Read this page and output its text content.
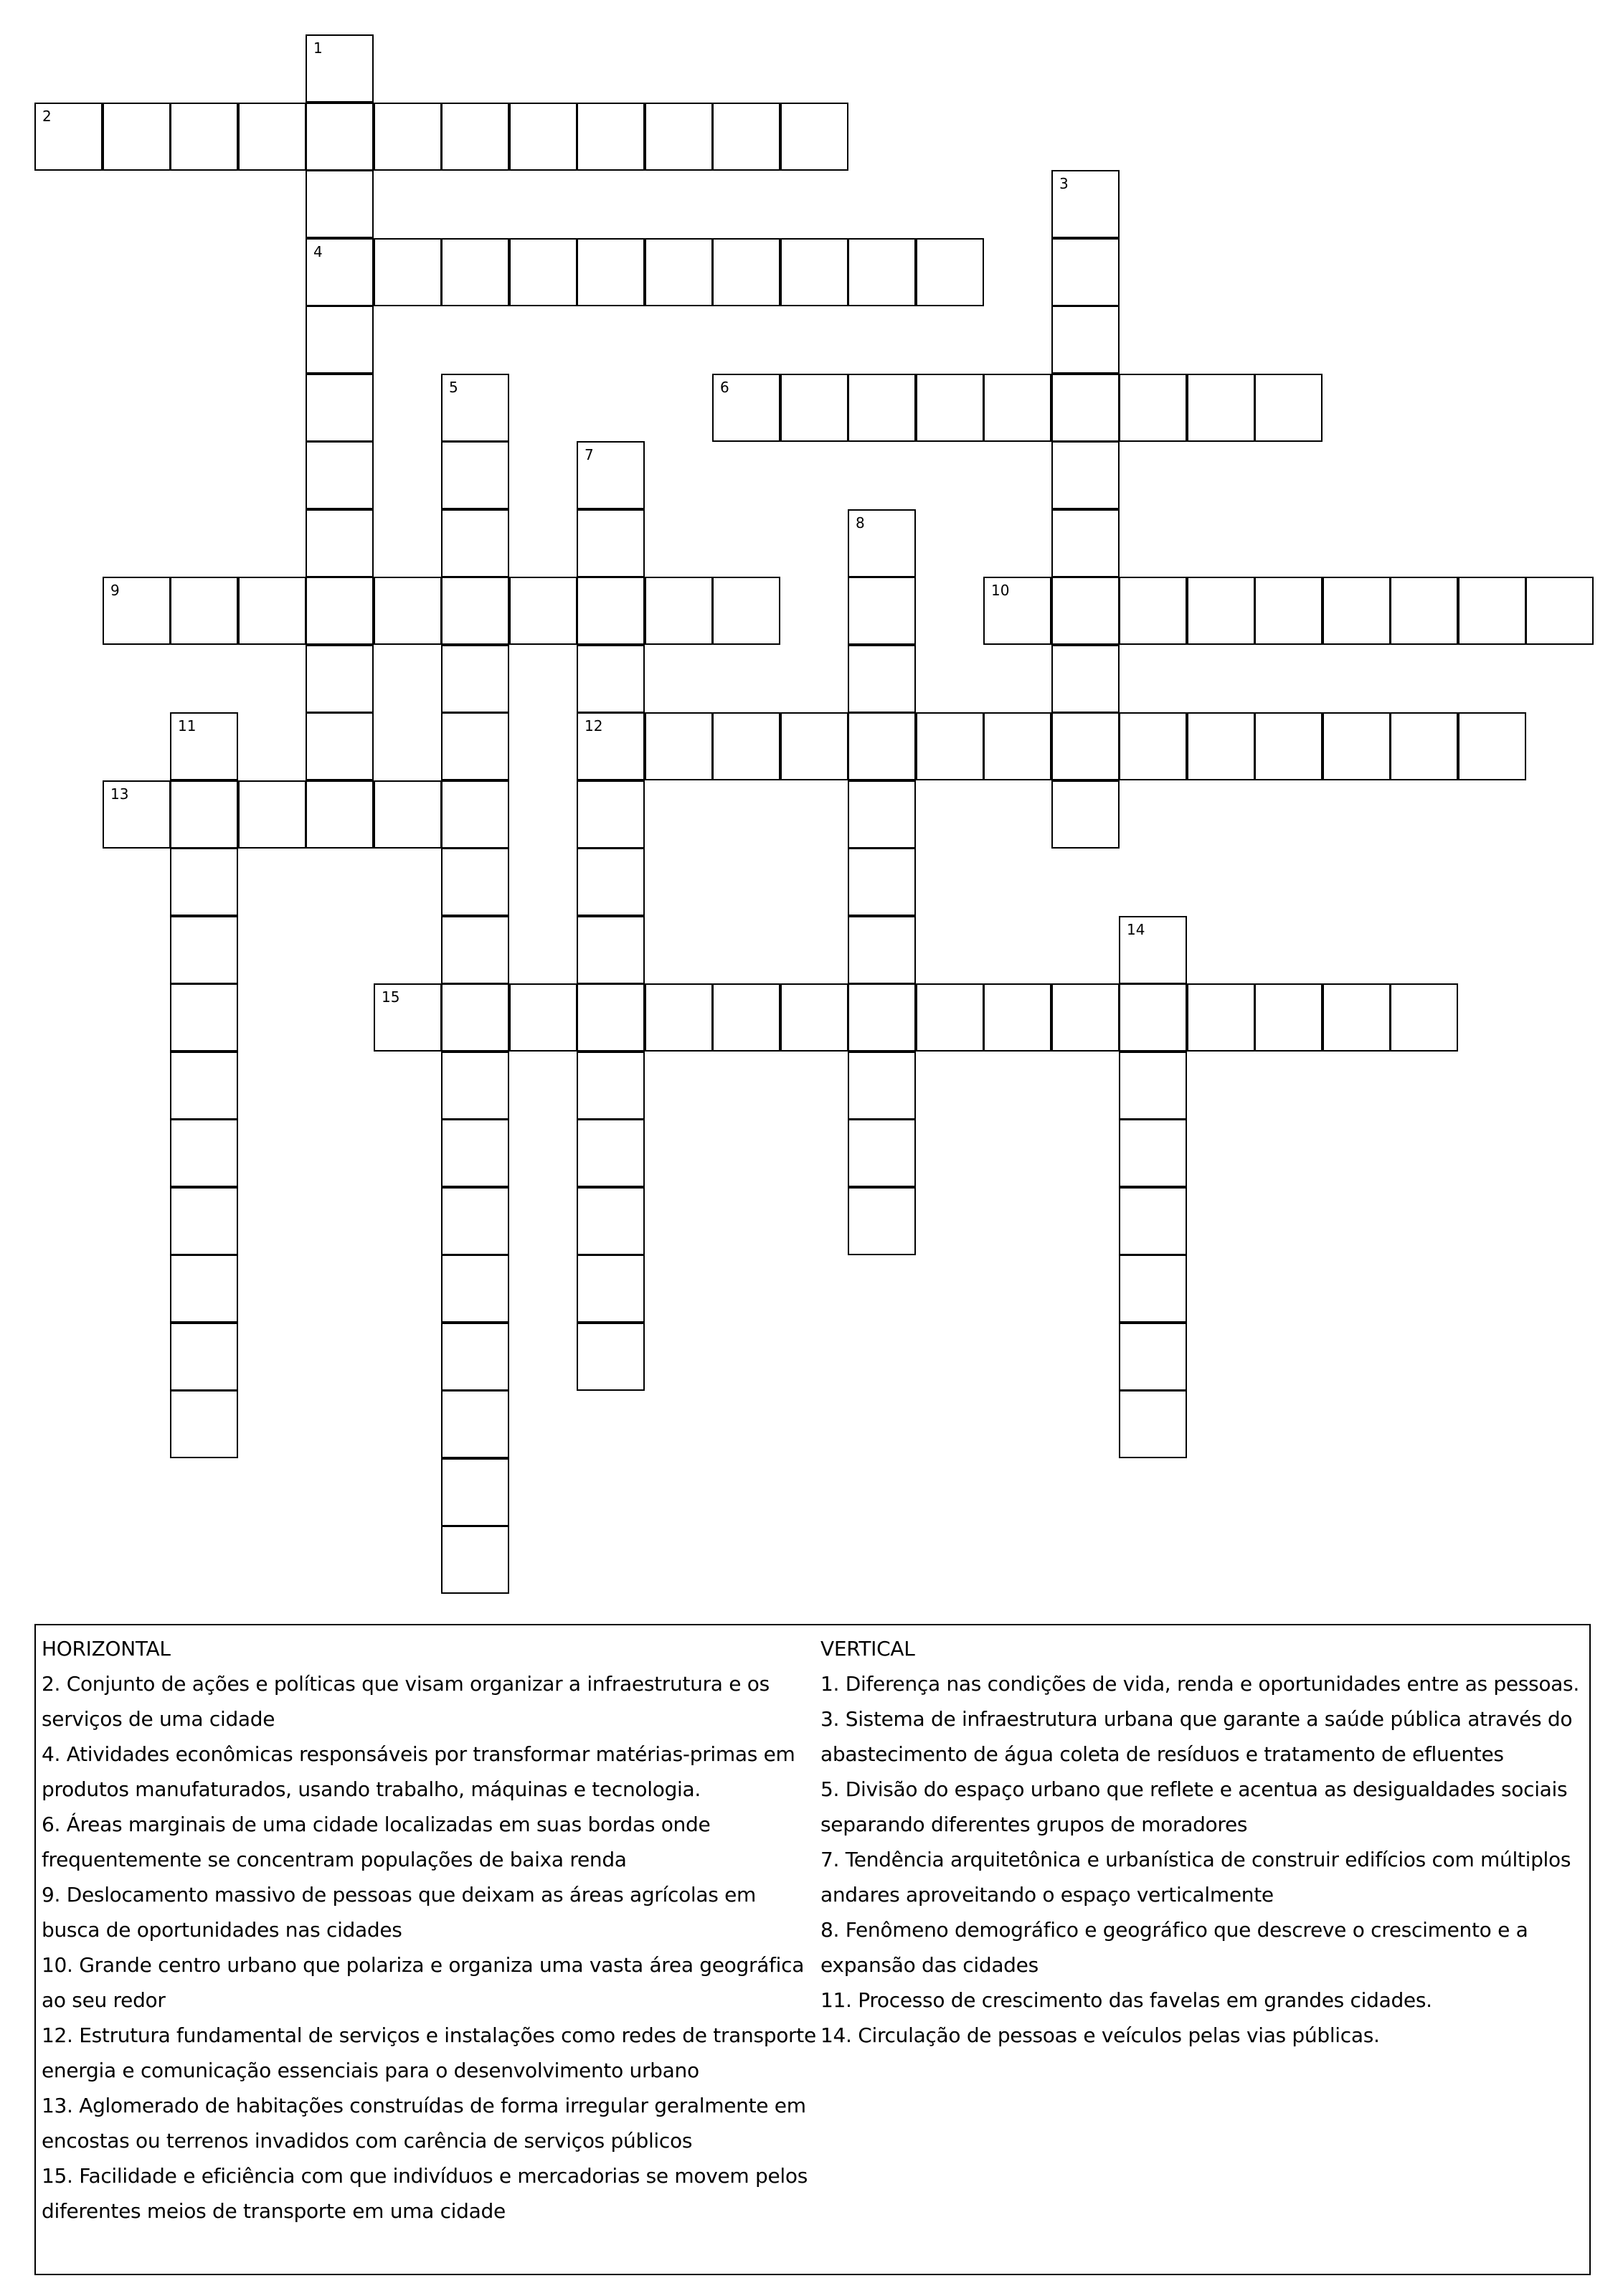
1
4
2
3
5	6
7
12
8
9	10
11
13
14
15
HORIZONTAL
2. Conjunto de ações e políticas que visam organizar a infraestrutura e os serviços de uma cidade
4. Atividades econômicas responsáveis por transformar matérias-primas em produtos manufaturados, usando trabalho, máquinas e tecnologia.
6. Áreas marginais de uma cidade localizadas em suas bordas onde frequentemente se concentram populações de baixa renda
9. Deslocamento massivo de pessoas que deixam as áreas agrícolas em busca de oportunidades nas cidades
10. Grande centro urbano que polariza e organiza uma vasta área geográfica ao seu redor
12. Estrutura fundamental de serviços e instalações como redes de transporte energia e comunicação essenciais para o desenvolvimento urbano
13. Aglomerado de habitações construídas de forma irregular geralmente em encostas ou terrenos invadidos com carência de serviços públicos
15. Facilidade e eficiência com que indivíduos e mercadorias se movem pelos diferentes meios de transporte em uma cidade
VERTICAL
1. Diferença nas condições de vida, renda e oportunidades entre as pessoas.
3. Sistema de infraestrutura urbana que garante a saúde pública através do abastecimento de água coleta de resíduos e tratamento de efluentes
5. Divisão do espaço urbano que reflete e acentua as desigualdades sociais separando diferentes grupos de moradores
7. Tendência arquitetônica e urbanística de construir edifícios com múltiplos andares aproveitando o espaço verticalmente
8. Fenômeno demográfico e geográfico que descreve o crescimento e a expansão das cidades
11. Processo de crescimento das favelas em grandes cidades.
14. Circulação de pessoas e veículos pelas vias públicas.
